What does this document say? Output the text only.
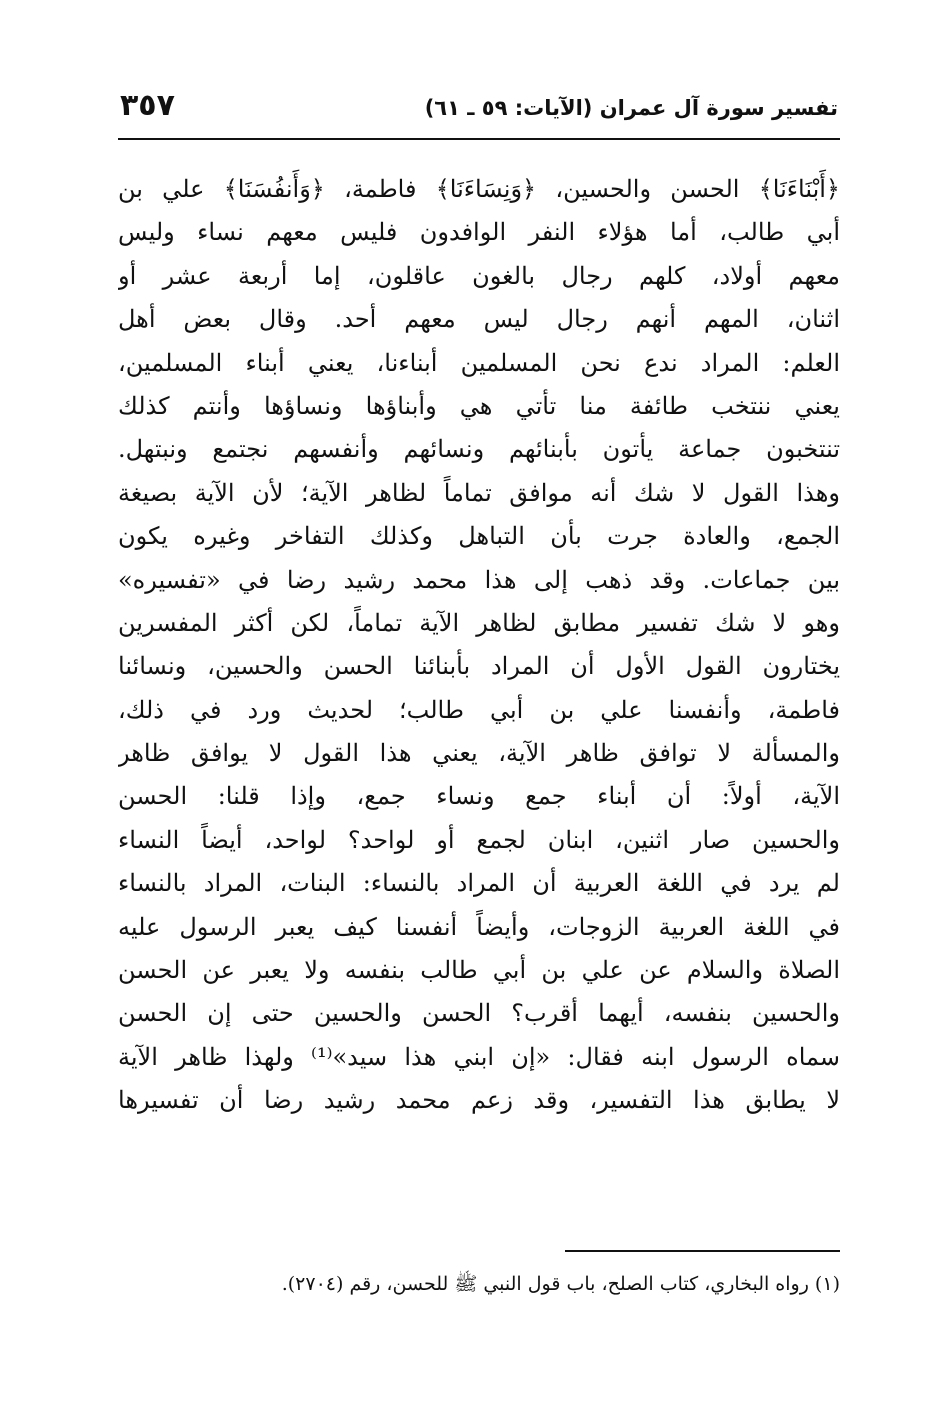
تفسير سورة آل عمران (الآيات: ٥٩ ـ ٦١)
٣٥٧
﴿أَبْنَاءَنَا﴾ الحسن والحسين، ﴿وَنِسَاءَنَا﴾ فاطمة، ﴿وَأَنفُسَنَا﴾ علي بن
أبي طالب، أما هؤلاء النفر الوافدون فليس معهم نساء وليس
معهم أولاد، كلهم رجال بالغون عاقلون، إما أربعة عشر أو
اثنان، المهم أنهم رجال ليس معهم أحد. وقال بعض أهل
العلم: المراد ندع نحن المسلمين أبناءنا، يعني أبناء المسلمين،
يعني ننتخب طائفة منا تأتي هي وأبناؤها ونساؤها وأنتم كذلك
تنتخبون جماعة يأتون بأبنائهم ونسائهم وأنفسهم نجتمع ونبتهل.
وهذا القول لا شك أنه موافق تماماً لظاهر الآية؛ لأن الآية بصيغة
الجمع، والعادة جرت بأن التباهل وكذلك التفاخر وغيره يكون
بين جماعات. وقد ذهب إلى هذا محمد رشيد رضا في «تفسيره»
وهو لا شك تفسير مطابق لظاهر الآية تماماً، لكن أكثر المفسرين
يختارون القول الأول أن المراد بأبنائنا الحسن والحسين، ونسائنا
فاطمة، وأنفسنا علي بن أبي طالب؛ لحديث ورد في ذلك،
والمسألة لا توافق ظاهر الآية، يعني هذا القول لا يوافق ظاهر
الآية، أولاً: أن أبناء جمع ونساء جمع، وإذا قلنا: الحسن
والحسين صار اثنين، ابنان لجمع أو لواحد؟ لواحد، أيضاً النساء
لم يرد في اللغة العربية أن المراد بالنساء: البنات، المراد بالنساء
في اللغة العربية الزوجات، وأيضاً أنفسنا كيف يعبر الرسول عليه
الصلاة والسلام عن علي بن أبي طالب بنفسه ولا يعبر عن الحسن
والحسين بنفسه، أيهما أقرب؟ الحسن والحسين حتى إن الحسن
سماه الرسول ابنه فقال: «إن ابني هذا سيد»⁽¹⁾ ولهذا ظاهر الآية
لا يطابق هذا التفسير، وقد زعم محمد رشيد رضا أن تفسيرها
(١) رواه البخاري، كتاب الصلح، باب قول النبي ﷺ للحسن، رقم (٢٧٠٤).
